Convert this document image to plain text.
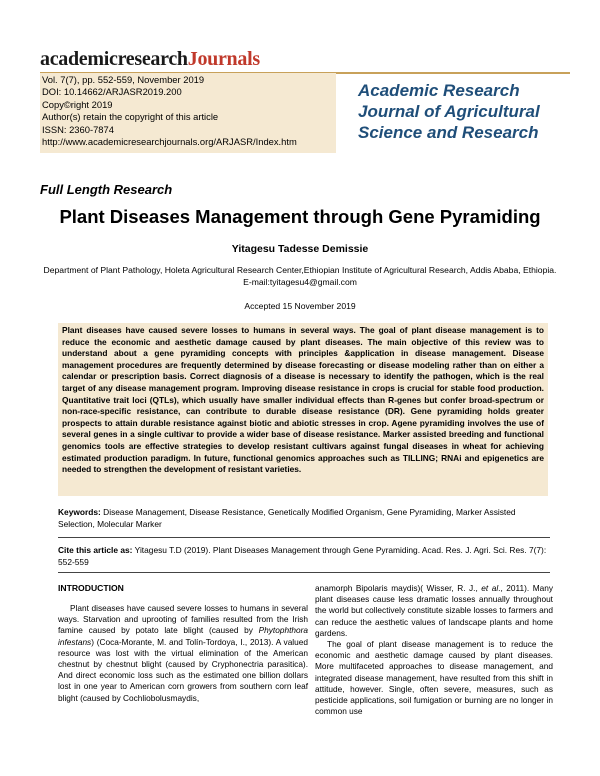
academicresearchJournals
Vol. 7(7), pp. 552-559, November 2019
DOI: 10.14662/ARJASR2019.200
Copy©right 2019
Author(s) retain the copyright of this article
ISSN: 2360-7874
http://www.academicresearchjournals.org/ARJASR/Index.htm
Academic Research
Journal of Agricultural
Science and Research
Full Length Research
Plant Diseases Management through Gene Pyramiding
Yitagesu Tadesse Demissie
Department of Plant Pathology, Holeta Agricultural Research Center,Ethiopian Institute of Agricultural Research, Addis Ababa, Ethiopia. E-mail:tyitagesu4@gmail.com
Accepted 15 November 2019
Plant diseases have caused severe losses to humans in several ways. The goal of plant disease management is to reduce the economic and aesthetic damage caused by plant diseases. The main objective of this review was to understand about a gene pyramiding concepts with principles &application in disease management. Disease management procedures are frequently determined by disease forecasting or disease modeling rather than on either a calendar or prescription basis. Correct diagnosis of a disease is necessary to identify the pathogen, which is the real target of any disease management program. Improving disease resistance in crops is crucial for stable food production. Quantitative trait loci (QTLs), which usually have smaller individual effects than R-genes but confer broad-spectrum or non-race-specific resistance, can contribute to durable disease resistance (DR). Gene pyramiding holds greater prospects to attain durable resistance against biotic and abiotic stresses in crop. Agene pyramiding involves the use of several genes in a single cultivar to provide a wider base of disease resistance. Marker assisted breeding and functional genomics tools are effective strategies to develop resistant cultivars against fungal diseases in wheat for achieving estimated production paradigm. In future, functional genomics approaches such as TILLING; RNAi and epigenetics are needed to strengthen the development of resistant varieties.
Keywords: Disease Management, Disease Resistance, Genetically Modified Organism, Gene Pyramiding, Marker Assisted Selection, Molecular Marker
Cite this article as: Yitagesu T.D (2019). Plant Diseases Management through Gene Pyramiding. Acad. Res. J. Agri. Sci. Res. 7(7): 552-559
INTRODUCTION

Plant diseases have caused severe losses to humans in several ways. Starvation and uprooting of families resulted from the Irish famine caused by potato late blight (caused by Phytophthora infestans) (Coca-Morante, M. and Tolín-Tordoya, I., 2013). A valued resource was lost with the virtual elimination of the American chestnut by chestnut blight (caused by Cryphonectria parasitica). And direct economic loss such as the estimated one billion dollars lost in one year to American corn growers from southern corn leaf blight (caused by Cochliobolusmaydis,

anamorph Bipolaris maydis)( Wisser, R. J., et al., 2011). Many plant diseases cause less dramatic losses annually throughout the world but collectively constitute sizable losses to farmers and can reduce the aesthetic values of landscape plants and home gardens.

The goal of plant disease management is to reduce the economic and aesthetic damage caused by plant diseases. More multifaceted approaches to disease management, and integrated disease management, have resulted from this shift in attitude, however. Single, often severe, measures, such as pesticide applications, soil fumigation or burning are no longer in common use
